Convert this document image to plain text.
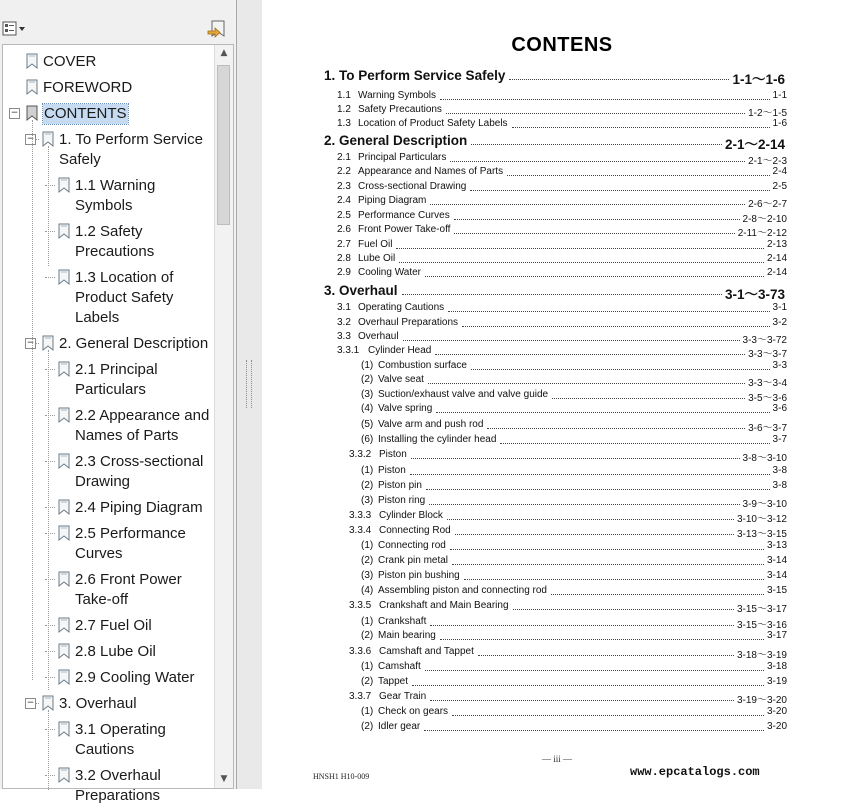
COVER
FOREWORD
− CONTENTS
− 1. To Perform Service Safely
1.1 Warning Symbols
1.2 Safety Precautions
1.3 Location of Product Safety Labels
− 2. General Description
2.1 Principal Particulars
2.2 Appearance and Names of Parts
2.3 Cross-sectional Drawing
2.4 Piping Diagram
2.5 Performance Curves
2.6 Front Power Take-off
2.7 Fuel Oil
2.8 Lube Oil
2.9 Cooling Water
− 3. Overhaul
3.1 Operating Cautions
3.2 Overhaul Preparations
▲
▼
CONTENS
1. To Perform Service Safely	1-1～1-6
1.1 Warning Symbols	1-1
1.2 Safety Precautions	1-2～1-5
1.3 Location of Product Safety Labels	1-6
2. General Description	2-1～2-14
2.1 Principal Particulars	2-1～2-3
2.2 Appearance and Names of Parts	2-4
2.3 Cross-sectional Drawing	2-5
2.4 Piping Diagram	2-6～2-7
2.5 Performance Curves	2-8～2-10
2.6 Front Power Take-off	2-11～2-12
2.7 Fuel Oil	2-13
2.8 Lube Oil	2-14
2.9 Cooling Water	2-14
3. Overhaul	3-1～3-73
3.1 Operating Cautions	3-1
3.2 Overhaul Preparations	3-2
3.3 Overhaul	3-3～3-72
3.3.1 Cylinder Head	3-3～3-7
(1) Combustion surface	3-3
(2) Valve seat	3-3～3-4
(3) Suction/exhaust valve and valve guide	3-5～3-6
(4) Valve spring	3-6
(5) Valve arm and push rod	3-6～3-7
(6) Installing the cylinder head	3-7
3.3.2 Piston	3-8～3-10
(1) Piston	3-8
(2) Piston pin	3-8
(3) Piston ring	3-9～3-10
3.3.3 Cylinder Block	3-10～3-12
3.3.4 Connecting Rod	3-13～3-15
(1) Connecting rod	3-13
(2) Crank pin metal	3-14
(3) Piston pin bushing	3-14
(4) Assembling piston and connecting rod	3-15
3.3.5 Crankshaft and Main Bearing	3-15～3-17
(1) Crankshaft	3-15～3-16
(2) Main bearing	3-17
3.3.6 Camshaft and Tappet	3-18～3-19
(1) Camshaft	3-18
(2) Tappet	3-19
3.3.7 Gear Train	3-19～3-20
(1) Check on gears	3-20
(2) Idler gear	3-20
— iii —
HNSH1 H10-009	www.epcatalogs.com
